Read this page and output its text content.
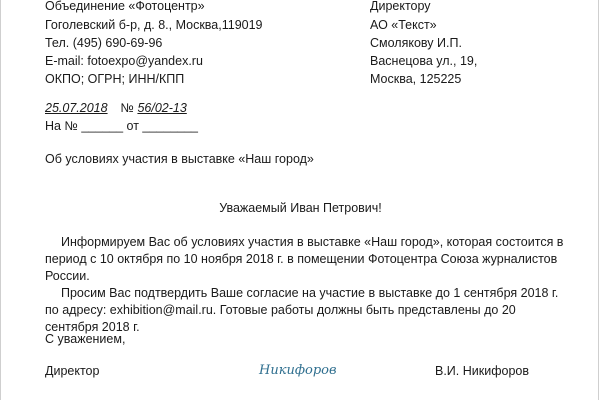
Объединение «Фотоцентр»
Гоголевский б-р, д. 8., Москва,119019
Тел. (495) 690-69-96
E-mail: fotoexpo@yandex.ru
ОКПО; ОГРН; ИНН/КПП
Директору
АО «Текст»
Смолякову И.П.
Васнецова ул., 19,
Москва, 125225
25.07.2018 № 56/02-13
На № ______ от ________
Об условиях участия в выставке «Наш город»
Уважаемый Иван Петрович!
Информируем Вас об условиях участия в выставке «Наш город», которая состоится в период с 10 октября по 10 ноября 2018 г. в помещении Фотоцентра Союза журналистов России.
Просим Вас подтвердить Ваше согласие на участие в выставке до 1 сентября 2018 г. по адресу: exhibition@mail.ru. Готовые работы должны быть представлены до 20 сентября 2018 г.
С уважением,
Директор	Никифоров	В.И. Никифоров
